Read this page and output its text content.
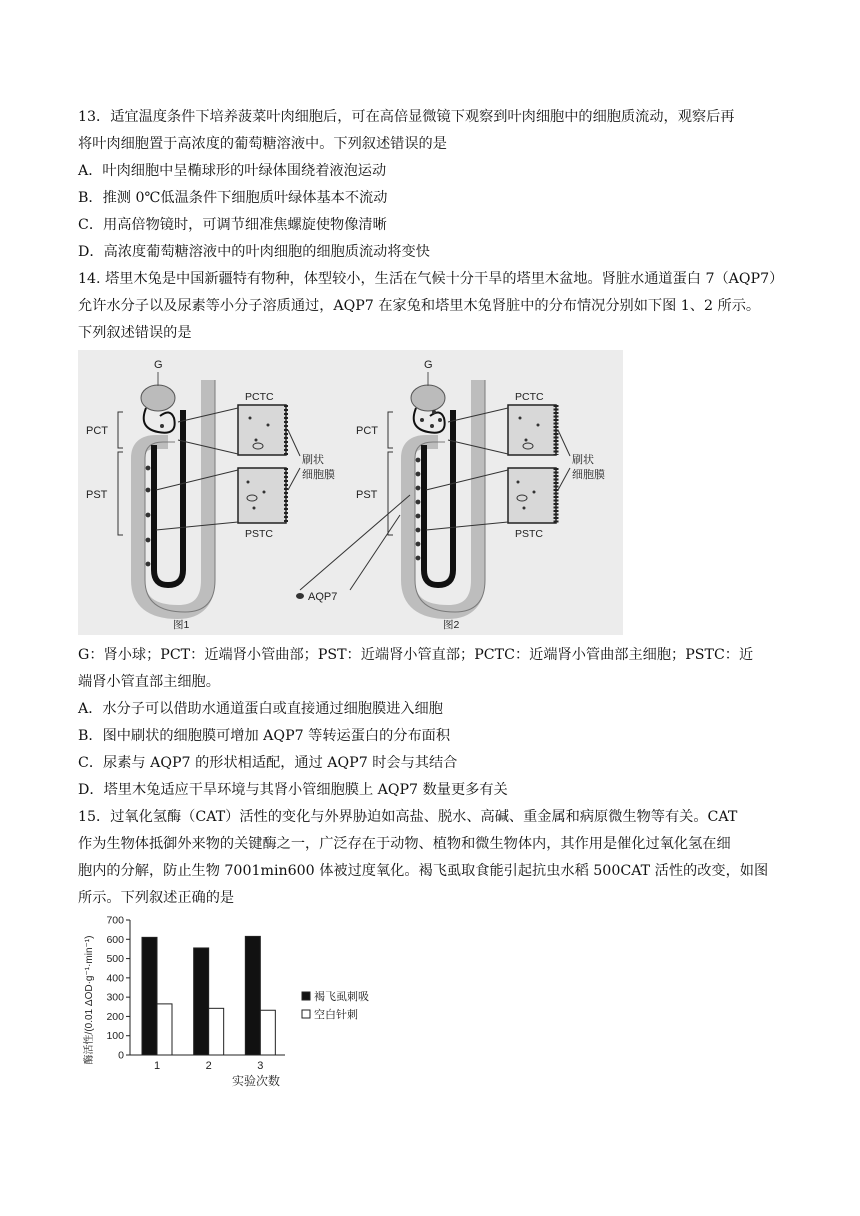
13．适宜温度条件下培养菠菜叶肉细胞后，可在高倍显微镜下观察到叶肉细胞中的细胞质流动，观察后再
将叶肉细胞置于高浓度的葡萄糖溶液中。下列叙述错误的是
A．叶肉细胞中呈椭球形的叶绿体围绕着液泡运动
B．推测 0℃低温条件下细胞质叶绿体基本不流动
C．用高倍物镜时，可调节细准焦螺旋使物像清晰
D．高浓度葡萄糖溶液中的叶肉细胞的细胞质流动将变快
14. 塔里木兔是中国新疆特有物种，体型较小，生活在气候十分干旱的塔里木盆地。肾脏水通道蛋白 7（AQP7）
允许水分子以及尿素等小分子溶质通过，AQP7 在家兔和塔里木兔肾脏中的分布情况分别如下图 1、2 所示。
下列叙述错误的是
G
PCT
PST
PCTC
PSTC
刷状
细胞膜
AQP7
图1
G
PCT
PST
PCTC
PSTC
刷状
细胞膜
图2
G：肾小球；PCT：近端肾小管曲部；PST：近端肾小管直部；PCTC：近端肾小管曲部主细胞；PSTC：近
端肾小管直部主细胞。
A．水分子可以借助水通道蛋白或直接通过细胞膜进入细胞
B．图中刷状的细胞膜可增加 AQP7 等转运蛋白的分布面积
C．尿素与 AQP7 的形状相适配，通过 AQP7 时会与其结合
D．塔里木兔适应干旱环境与其肾小管细胞膜上 AQP7 数量更多有关
15．过氧化氢酶（CAT）活性的变化与外界胁迫如高盐、脱水、高碱、重金属和病原微生物等有关。CAT
作为生物体抵御外来物的关键酶之一，广泛存在于动物、植物和微生物体内，其作用是催化过氧化氢在细
胞内的分解，防止生物 7001min600 体被过度氧化。褐飞虱取食能引起抗虫水稻 500CAT 活性的改变，如图
所示。下列叙述正确的是
酶活性/(0.01 ΔOD·g⁻¹·min⁻¹) 0
100
200
300
400
500
600
700
1	2	3
褐飞虱刺吸
空白针刺
实验次数
